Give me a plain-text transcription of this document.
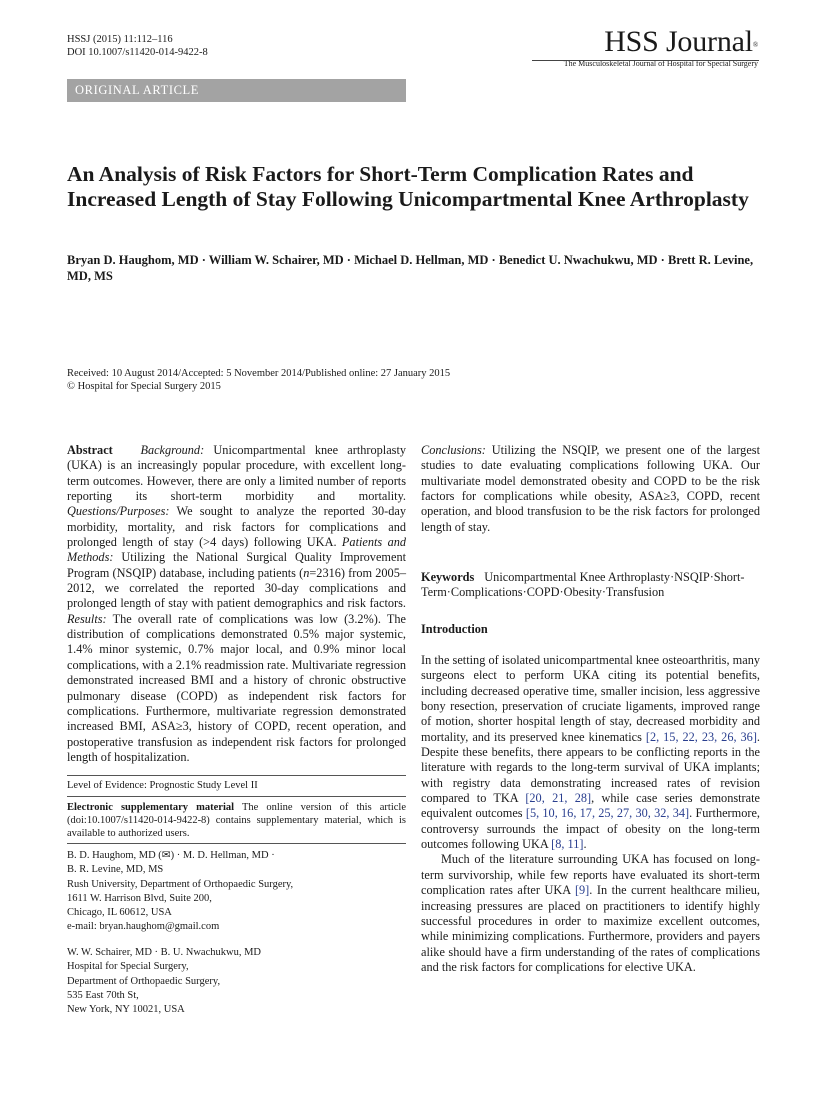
HSSJ (2015) 11:112–116
DOI 10.1007/s11420-014-9422-8	HSS Journal®
The Musculoskeletal Journal of Hospital for Special Surgery
ORIGINAL ARTICLE
An Analysis of Risk Factors for Short-Term Complication Rates and Increased Length of Stay Following Unicompartmental Knee Arthroplasty
Bryan D. Haughom, MD · William W. Schairer, MD · Michael D. Hellman, MD · Benedict U. Nwachukwu, MD · Brett R. Levine, MD, MS
Received: 10 August 2014/Accepted: 5 November 2014/Published online: 27 January 2015
© Hospital for Special Surgery 2015
Abstract Background: Unicompartmental knee arthroplasty (UKA) is an increasingly popular procedure, with excellent long-term outcomes. However, there are only a limited number of reports reporting its short-term morbidity and mortality. Questions/Purposes: We sought to analyze the reported 30-day morbidity, mortality, and risk factors for complications and prolonged length of stay (>4 days) following UKA. Patients and Methods: Utilizing the National Surgical Quality Improvement Program (NSQIP) database, including patients (n=2316) from 2005–2012, we correlated the reported 30-day complications and prolonged length of stay with patient demographics and risk factors. Results: The overall rate of complications was low (3.2%). The distribution of complications demonstrated 0.5% major systemic, 1.4% minor systemic, 0.7% major local, and 0.9% minor local complications, with a 2.1% readmission rate. Multivariate regression demonstrated increased BMI and a history of chronic obstructive pulmonary disease (COPD) as independent risk factors for complications. Furthermore, multivariate regression demonstrated increased BMI, ASA≥3, history of COPD, recent operation, and postoperative transfusion as independent risk factors for prolonged length of hospitalization.
Level of Evidence: Prognostic Study Level II
Electronic supplementary material The online version of this article (doi:10.1007/s11420-014-9422-8) contains supplementary material, which is available to authorized users.
B. D. Haughom, MD (✉) · M. D. Hellman, MD ·
B. R. Levine, MD, MS
Rush University, Department of Orthopaedic Surgery,
1611 W. Harrison Blvd, Suite 200,
Chicago, IL 60612, USA
e-mail: bryan.haughom@gmail.com
W. W. Schairer, MD · B. U. Nwachukwu, MD
Hospital for Special Surgery,
Department of Orthopaedic Surgery,
535 East 70th St,
New York, NY 10021, USA
Conclusions: Utilizing the NSQIP, we present one of the largest studies to date evaluating complications following UKA. Our multivariate model demonstrated obesity and COPD to be the risk factors for complications while obesity, ASA≥3, COPD, recent operation, and blood transfusion to be the risk factors for prolonged length of stay.
Keywords Unicompartmental Knee Arthroplasty·NSQIP·Short-Term·Complications·COPD·Obesity·Transfusion
Introduction

In the setting of isolated unicompartmental knee osteoarthritis, many surgeons elect to perform UKA citing its potential benefits, including decreased operative time, smaller incision, less aggressive bony resection, preservation of cruciate ligaments, improved range of motion, shorter hospital length of stay, decreased morbidity and mortality, and its preserved knee kinematics [2, 15, 22, 23, 26, 36]. Despite these benefits, there appears to be conflicting reports in the literature with regards to the long-term survival of UKA implants; with registry data demonstrating increased rates of revision compared to TKA [20, 21, 28], while case series demonstrate equivalent outcomes [5, 10, 16, 17, 25, 27, 30, 32, 34]. Furthermore, controversy surrounds the impact of obesity on the long-term outcomes following UKA [8, 11].

Much of the literature surrounding UKA has focused on long-term survivorship, while few reports have evaluated its short-term complication rates after UKA [9]. In the current healthcare milieu, increasing pressures are placed on practitioners to identify highly successful procedures in order to maximize excellent outcomes, while minimizing complications. Furthermore, providers and payers alike should have a firm understanding of the rates of complications and the risk factors for complications for elective UKA.
